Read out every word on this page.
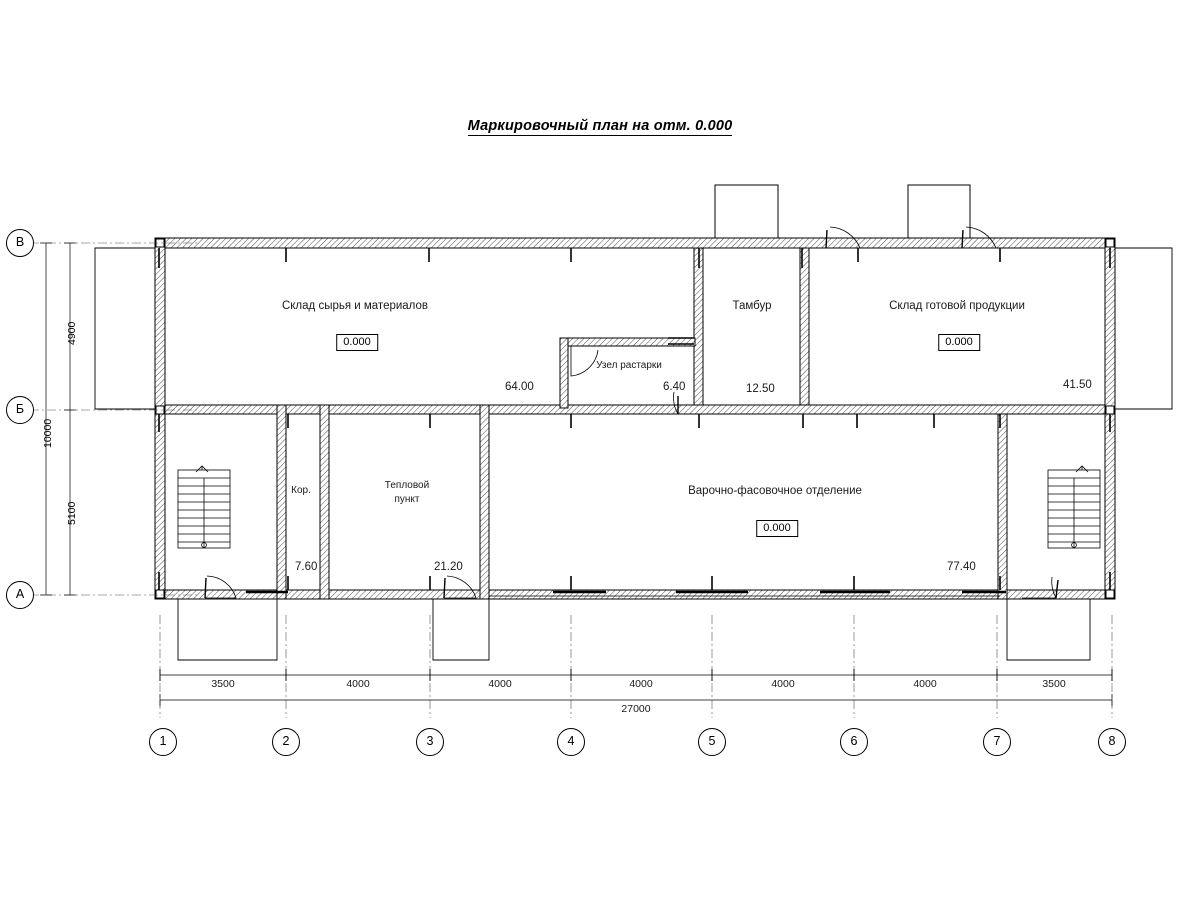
Маркировочный план на отм. 0.000
Склад сырья и материалов
0.000
64.00
Узел растарки
6.40
Тамбур
12.50
Склад готовой продукции
0.000
41.50
Кор.
7.60
Тепловой
пункт
21.20
Варочно-фасовочное отделение
0.000
77.40
В
Б
А
1	2	3	4	5	6	7	8
3500	4000	4000	4000	4000	4000	3500
27000
5100
4900
10000
